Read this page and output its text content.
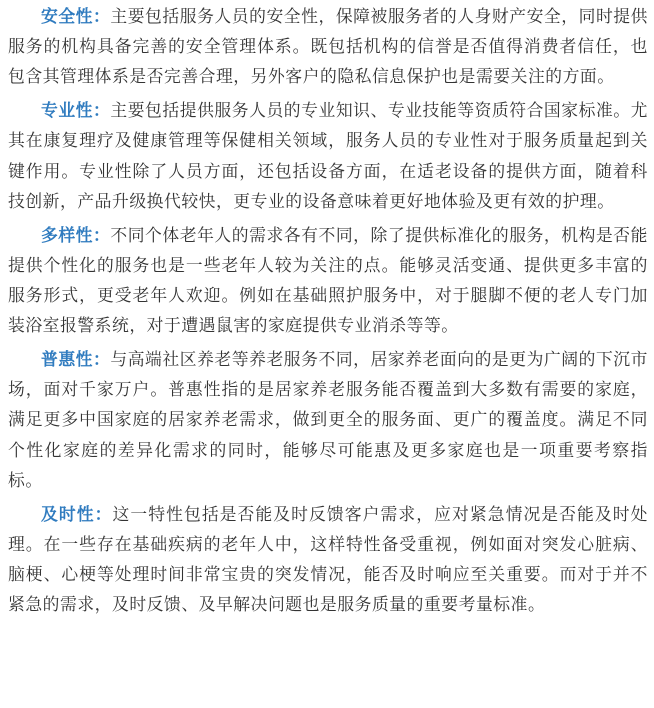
安全性：主要包括服务人员的安全性，保障被服务者的人身财产安全，同时提供服务的机构具备完善的安全管理体系。既包括机构的信誉是否值得消费者信任，也包含其管理体系是否完善合理，另外客户的隐私信息保护也是需要关注的方面。

专业性：主要包括提供服务人员的专业知识、专业技能等资质符合国家标准。尤其在康复理疗及健康管理等保健相关领域，服务人员的专业性对于服务质量起到关键作用。专业性除了人员方面，还包括设备方面，在适老设备的提供方面，随着科技创新，产品升级换代较快，更专业的设备意味着更好地体验及更有效的护理。

多样性：不同个体老年人的需求各有不同，除了提供标准化的服务，机构是否能提供个性化的服务也是一些老年人较为关注的点。能够灵活变通、提供更多丰富的服务形式，更受老年人欢迎。例如在基础照护服务中，对于腿脚不便的老人专门加装浴室报警系统，对于遭遇鼠害的家庭提供专业消杀等等。

普惠性：与高端社区养老等养老服务不同，居家养老面向的是更为广阔的下沉市场，面对千家万户。普惠性指的是居家养老服务能否覆盖到大多数有需要的家庭，满足更多中国家庭的居家养老需求，做到更全的服务面、更广的覆盖度。满足不同个性化家庭的差异化需求的同时，能够尽可能惠及更多家庭也是一项重要考察指标。

及时性：这一特性包括是否能及时反馈客户需求，应对紧急情况是否能及时处理。在一些存在基础疾病的老年人中，这样特性备受重视，例如面对突发心脏病、脑梗、心梗等处理时间非常宝贵的突发情况，能否及时响应至关重要。而对于并不紧急的需求，及时反馈、及早解决问题也是服务质量的重要考量标准。
